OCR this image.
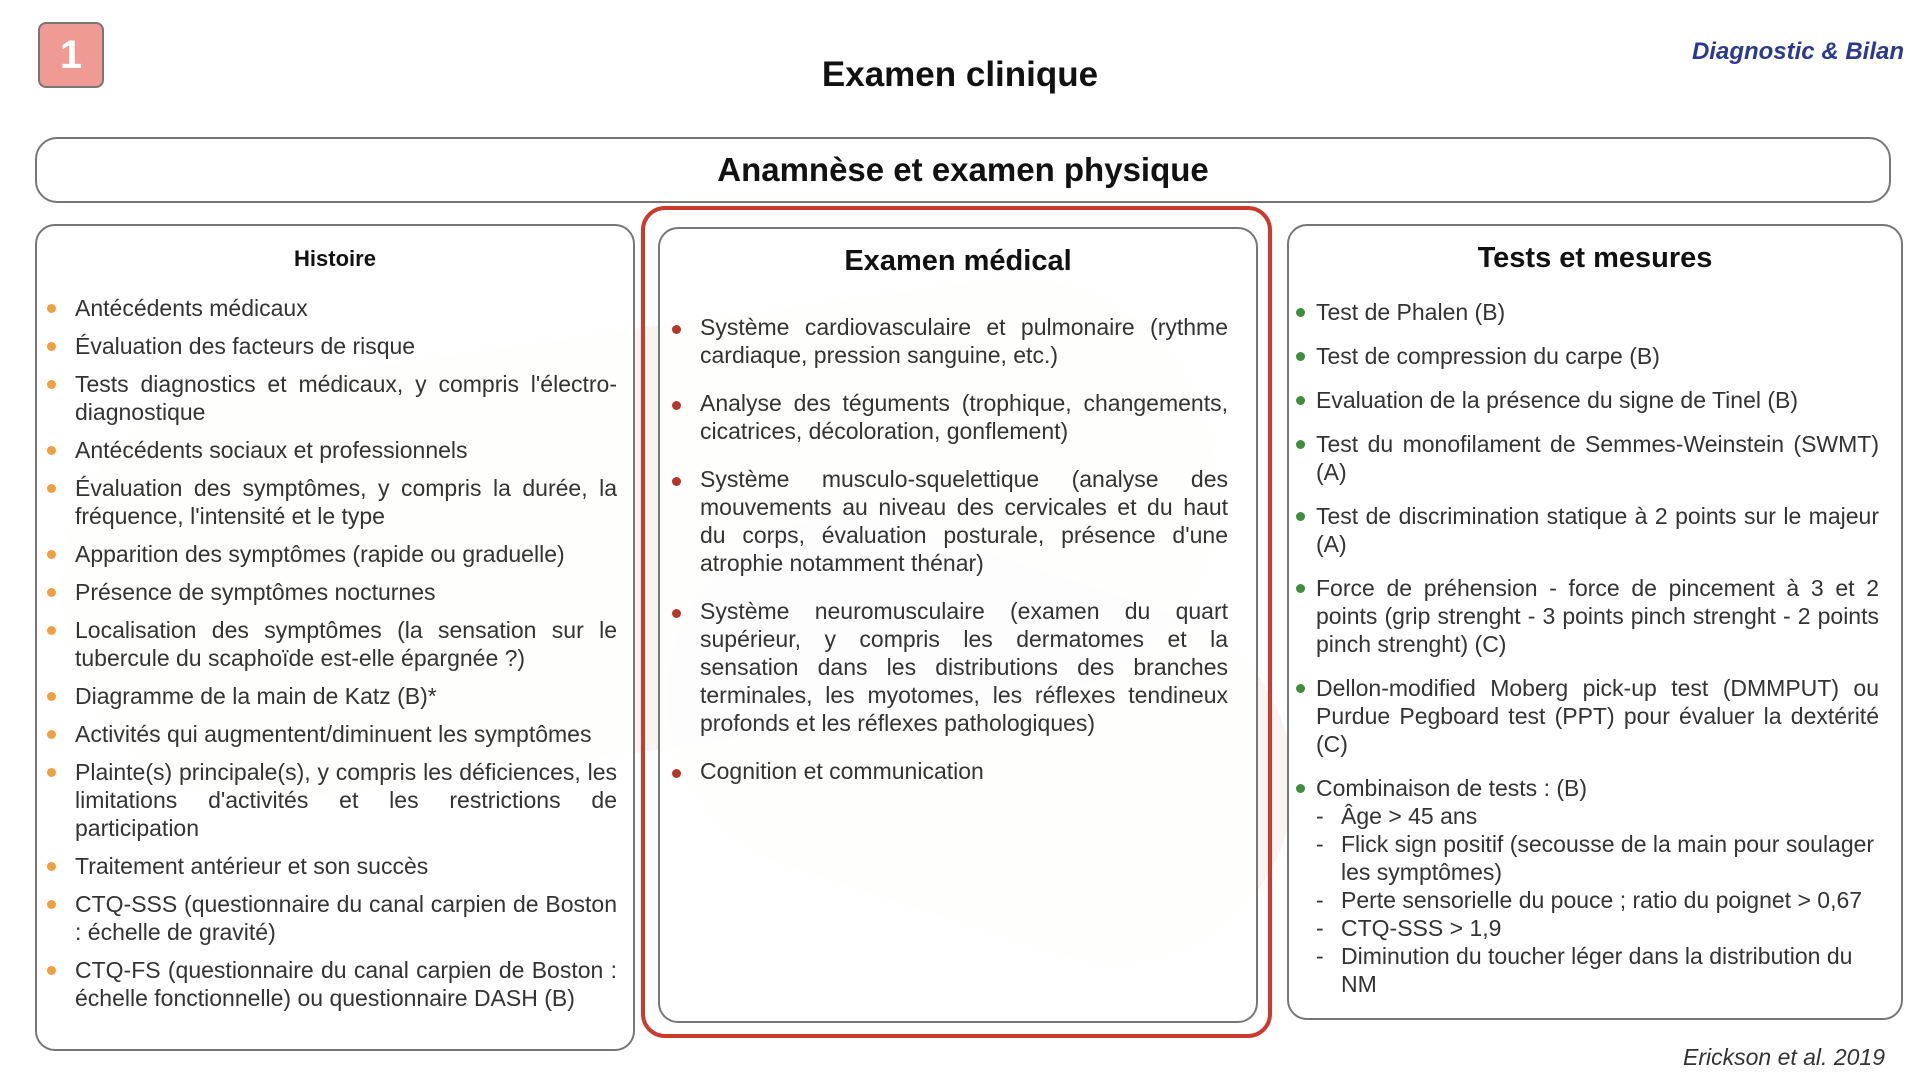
1	Diagnostic & Bilan
Examen clinique
Anamnèse et examen physique
Histoire
Antécédents médicaux
Évaluation des facteurs de risque
Tests diagnostics et médicaux, y compris l'électro-diagnostique
Antécédents sociaux et professionnels
Évaluation des symptômes, y compris la durée, la fréquence, l'intensité et le type
Apparition des symptômes (rapide ou graduelle)
Présence de symptômes nocturnes
Localisation des symptômes (la sensation sur le tubercule du scaphoïde est-elle épargnée ?)
Diagramme de la main de Katz (B)*
Activités qui augmentent/diminuent les symptômes
Plainte(s) principale(s), y compris les déficiences, les limitations d'activités et les restrictions de participation
Traitement antérieur et son succès
CTQ-SSS (questionnaire du canal carpien de Boston : échelle de gravité)
CTQ-FS (questionnaire du canal carpien de Boston : échelle fonctionnelle) ou questionnaire DASH (B)
Examen médical
Système cardiovasculaire et pulmonaire (rythme cardiaque, pression sanguine, etc.)
Analyse des téguments (trophique, changements, cicatrices, décoloration, gonflement)
Système musculo-squelettique (analyse des mouvements au niveau des cervicales et du haut du corps, évaluation posturale, présence d'une atrophie notamment thénar)
Système neuromusculaire (examen du quart supérieur, y compris les dermatomes et la sensation dans les distributions des branches terminales, les myotomes, les réflexes tendineux profonds et les réflexes pathologiques)
Cognition et communication
Tests et mesures
Test de Phalen (B)
Test de compression du carpe (B)
Evaluation de la présence du signe de Tinel (B)
Test du monofilament de Semmes-Weinstein (SWMT) (A)
Test de discrimination statique à 2 points sur le majeur (A)
Force de préhension - force de pincement à 3 et 2 points (grip strenght - 3 points pinch strenght - 2 points pinch strenght) (C)
Dellon-modified Moberg pick-up test (DMMPUT) ou Purdue Pegboard test (PPT) pour évaluer la dextérité (C)
Combinaison de tests : (B)
- Âge > 45 ans
- Flick sign positif (secousse de la main pour soulager les symptômes)
- Perte sensorielle du pouce ; ratio du poignet > 0,67
- CTQ-SSS > 1,9
- Diminution du toucher léger dans la distribution du NM
Erickson et al. 2019
